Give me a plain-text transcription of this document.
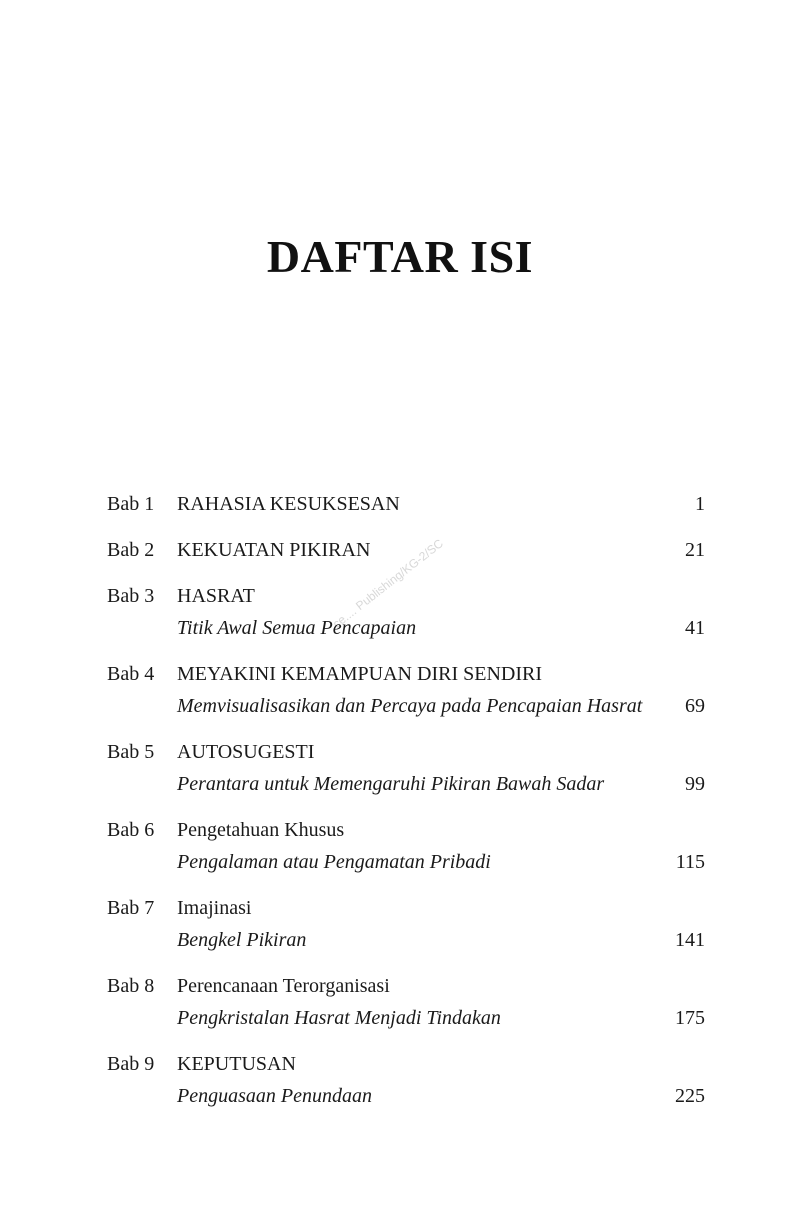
DAFTAR ISI
ce.... Publishing/KG-2/SC
Bab 1 RAHASIA KESUKSESAN	1
Bab 2 KEKUATAN PIKIRAN	21
Bab 3 HASRAT
Titik Awal Semua Pencapaian	41
Bab 4 MEYAKINI KEMAMPUAN DIRI SENDIRI
Memvisualisasikan dan Percaya pada Pencapaian Hasrat 69
Bab 5 AUTOSUGESTI
Perantara untuk Memengaruhi Pikiran Bawah Sadar	99
Bab 6 Pengetahuan Khusus
Pengalaman atau Pengamatan Pribadi	115
Bab 7 Imajinasi
Bengkel Pikiran	141
Bab 8 Perencanaan Terorganisasi
Pengkristalan Hasrat Menjadi Tindakan	175
Bab 9 KEPUTUSAN
Penguasaan Penundaan	225
